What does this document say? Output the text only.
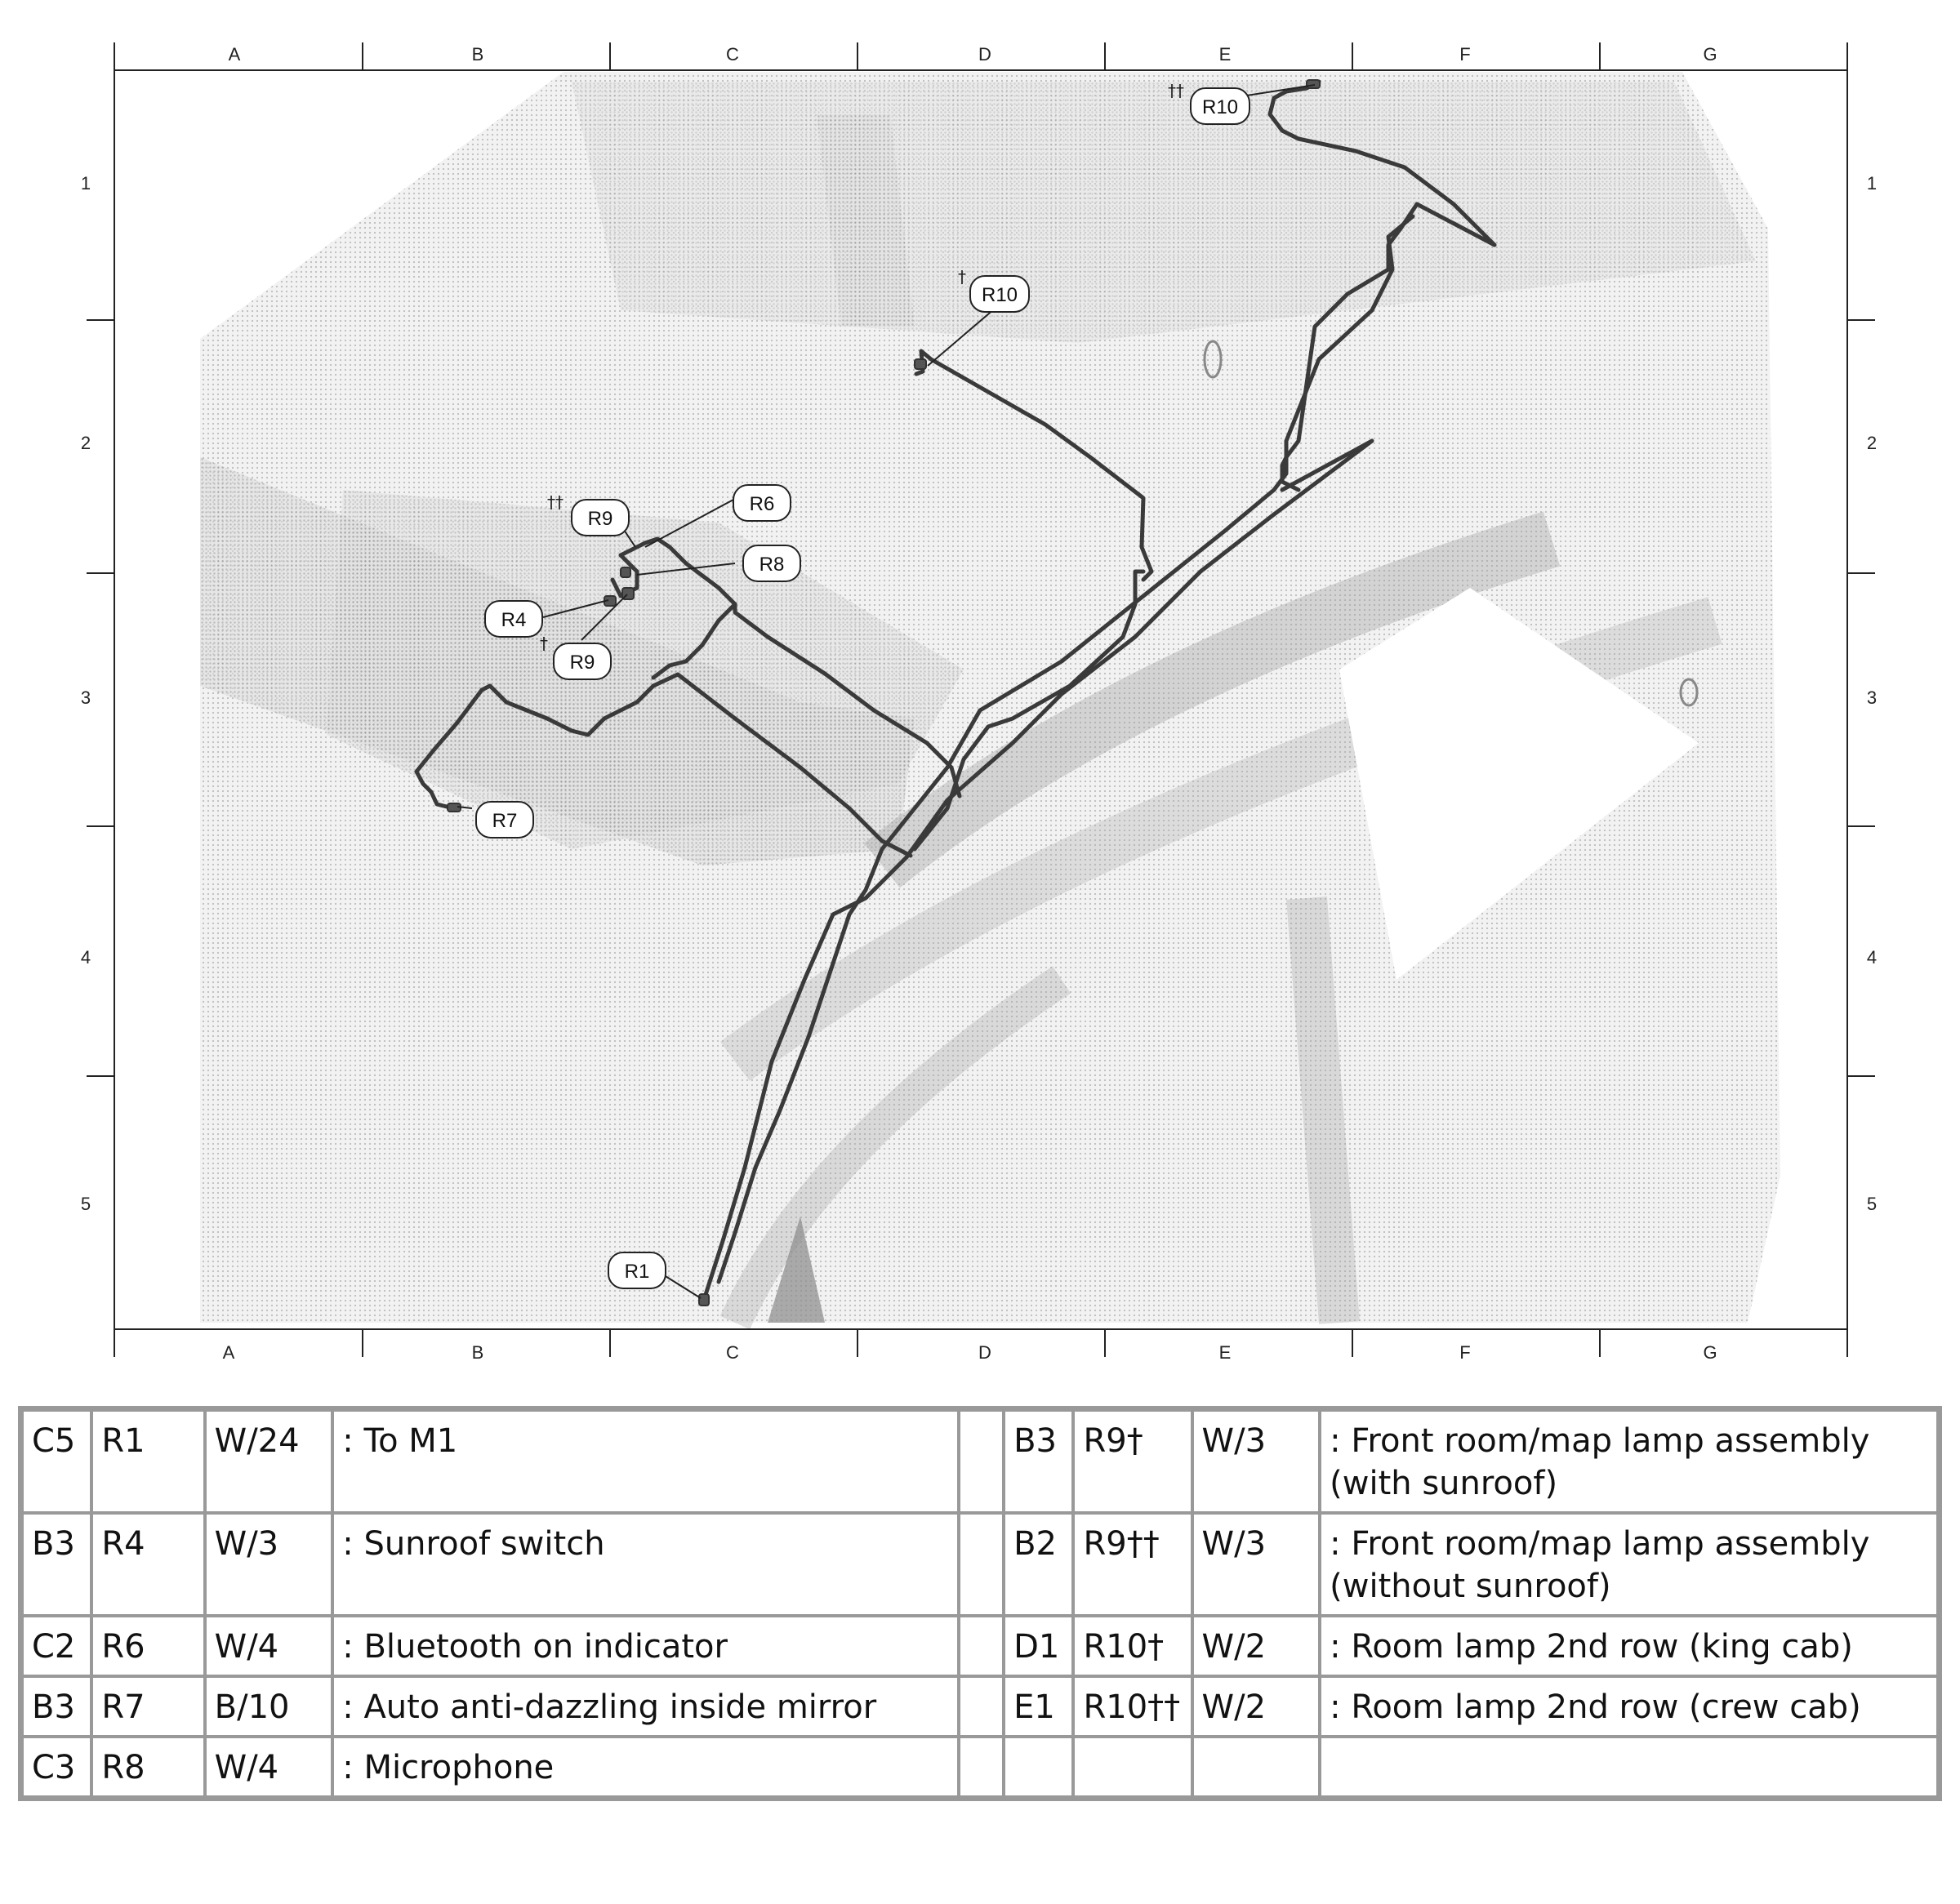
A	B	C	D	E	F	G
A	B	C	D	E	F	G
1
2
3
4
5
1
2
3
4
5
R10
††
R10
†
R9
††	R6
R8
R4
R9
†
R7
R1
C5	R1	W/24	: To M1		B3	R9†	W/3	: Front room/map lamp assembly (with sunroof)
B3	R4	W/3	: Sunroof switch		B2	R9††	W/3	: Front room/map lamp assembly (without sunroof)
C2	R6	W/4	: Bluetooth on indicator		D1	R10†	W/2	: Room lamp 2nd row (king cab)
B3	R7	B/10	: Auto anti-dazzling inside mirror		E1	R10††	W/2	: Room lamp 2nd row (crew cab)
C3	R8	W/4	: Microphone					
